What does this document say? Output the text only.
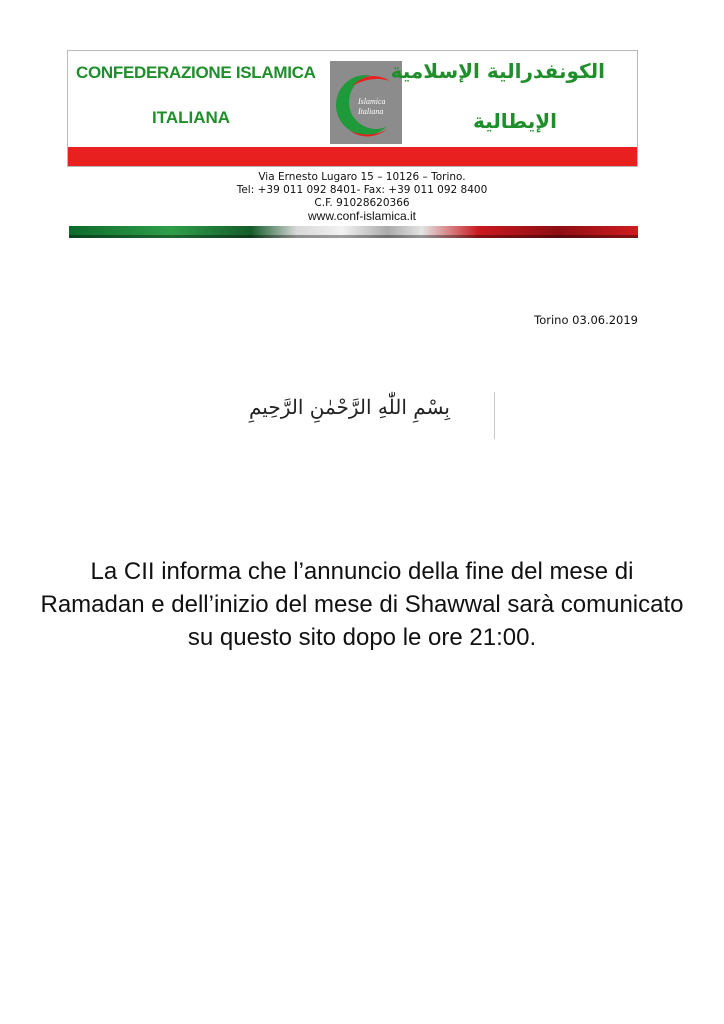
CONFEDERAZIONE ISLAMICA
ITALIANA
Islamica
Italiana
الكونفدرالية الإسلامية
الإيطالية
Via Ernesto Lugaro 15 – 10126 – Torino.
Tel: +39 011 092 8401- Fax: +39 011 092 8400
C.F. 91028620366
www.conf-islamica.it
Torino 03.06.2019
بِسْمِ اللّٰهِ الرَّحْمٰنِ الرَّحِيمِ
La CII informa che l’annuncio della fine del mese di Ramadan e dell’inizio del mese di Shawwal sarà comunicato su questo sito dopo le ore 21:00.
